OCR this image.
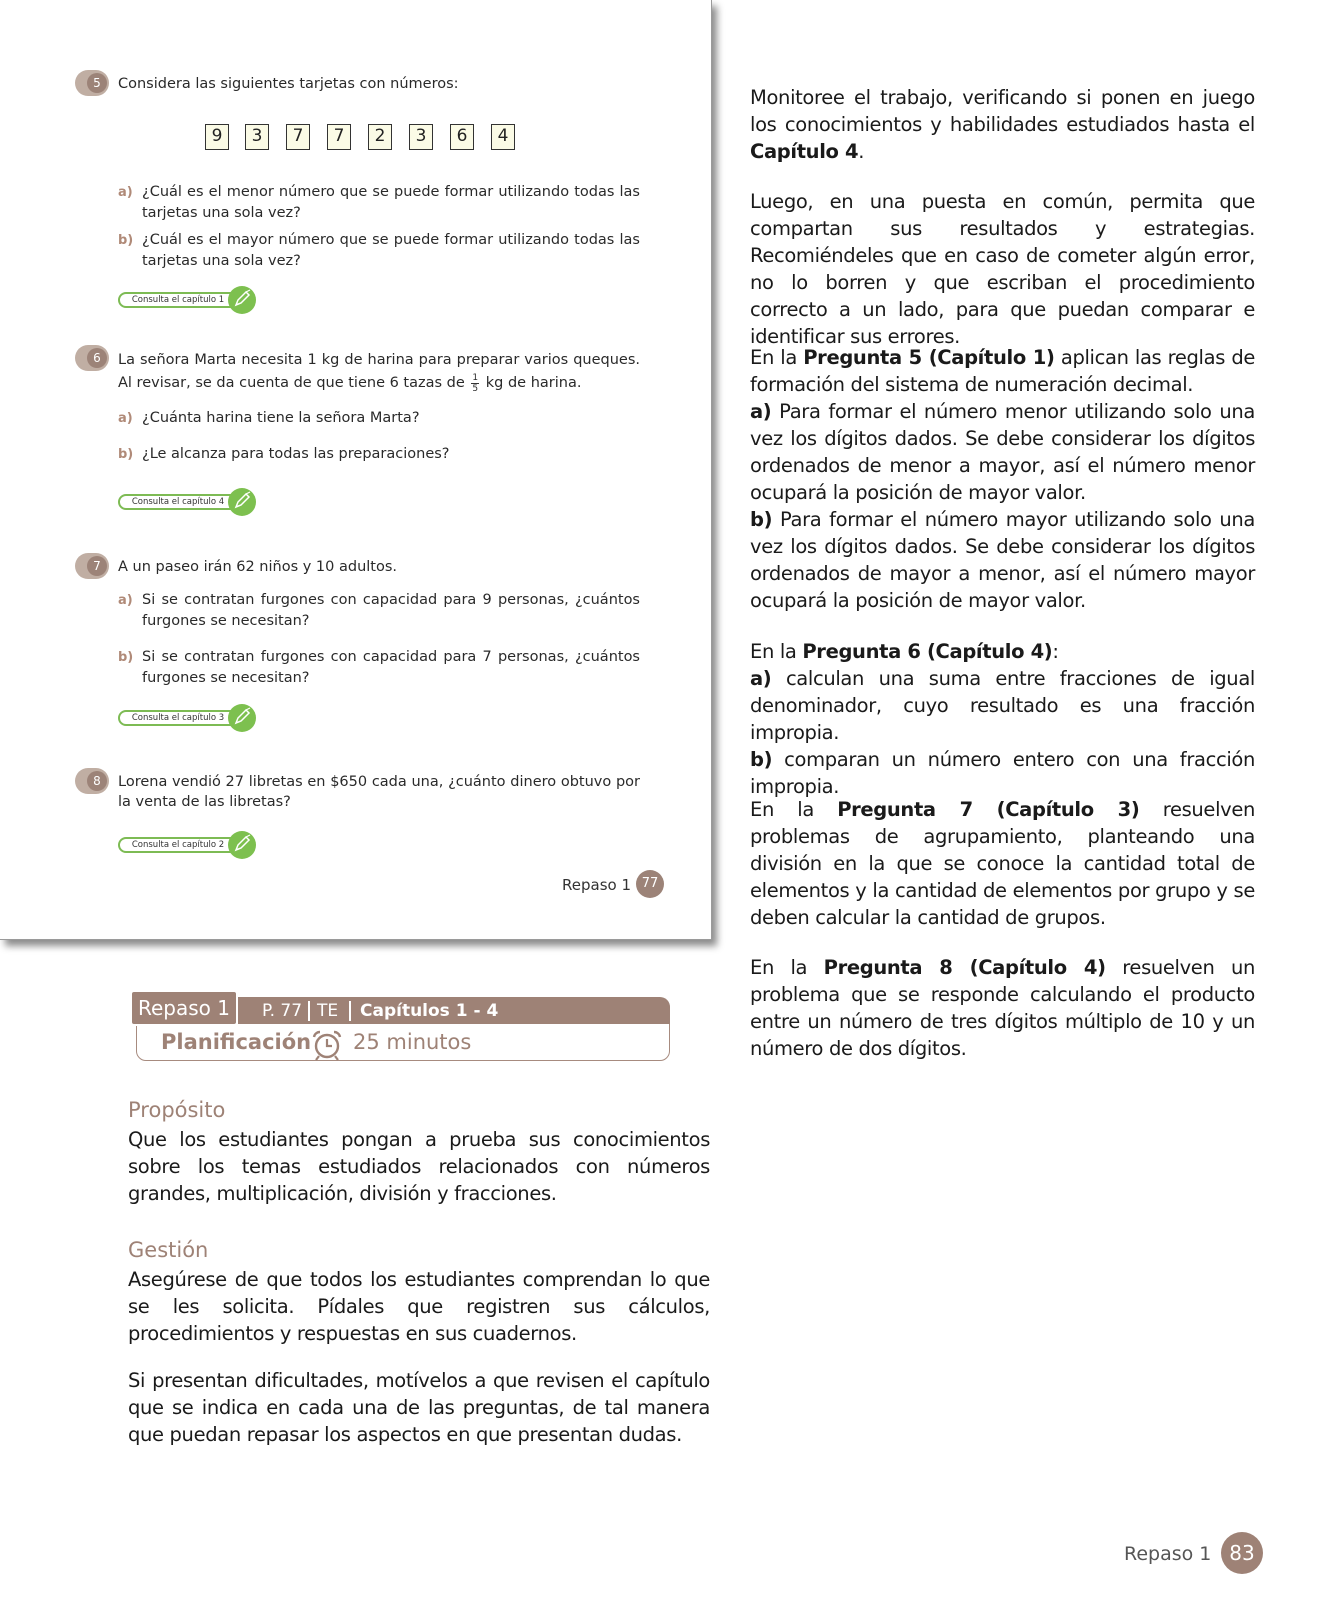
5	Considera las siguientes tarjetas con números:
9	3	7	7	2	3	6	4
a) ¿Cuál es el menor número que se puede formar utilizando todas las tarjetas una sola vez?
b) ¿Cuál es el mayor número que se puede formar utilizando todas las tarjetas una sola vez?
Consulta el capítulo 1
6	La señora Marta necesita 1 kg de harina para preparar varios queques. Al revisar, se da cuenta de que tiene 6 tazas de $\frac{1}{5}$ kg de harina.
a) ¿Cuánta harina tiene la señora Marta?
b) ¿Le alcanza para todas las preparaciones?
Consulta el capítulo 4
7	A un paseo irán 62 niños y 10 adultos.
a) Si se contratan furgones con capacidad para 9 personas, ¿cuántos furgones se necesitan?
b) Si se contratan furgones con capacidad para 7 personas, ¿cuántos furgones se necesitan?
Consulta el capítulo 3
8	Lorena vendió 27 libretas en $650 cada una, ¿cuánto dinero obtuvo por la venta de las libretas?
Consulta el capítulo 2
Repaso 1 77
Repaso 1	P. 77 TE Capítulos 1 - 4
Planificación 25 minutos
Propósito
Que los estudiantes pongan a prueba sus conocimientos sobre los temas estudiados relacionados con números grandes, multiplicación, división y fracciones.
Gestión
Asegúrese de que todos los estudiantes comprendan lo que se les solicita. Pídales que registren sus cálculos, procedimientos y respuestas en sus cuadernos.
Si presentan dificultades, motívelos a que revisen el capítulo que se indica en cada una de las preguntas, de tal manera que puedan repasar los aspectos en que presentan dudas.
Monitoree el trabajo, verificando si ponen en juego los conocimientos y habilidades estudiados hasta el Capítulo 4.
Luego, en una puesta en común, permita que compartan sus resultados y estrategias. Recomiéndeles que en caso de cometer algún error, no lo borren y que escriban el procedimiento correcto a un lado, para que puedan comparar e identificar sus errores.
En la Pregunta 5 (Capítulo 1) aplican las reglas de formación del sistema de numeración decimal.
a) Para formar el número menor utilizando solo una vez los dígitos dados. Se debe considerar los dígitos ordenados de menor a mayor, así el número menor ocupará la posición de mayor valor.
b) Para formar el número mayor utilizando solo una vez los dígitos dados. Se debe considerar los dígitos ordenados de mayor a menor, así el número mayor ocupará la posición de mayor valor.
En la Pregunta 6 (Capítulo 4):
a) calculan una suma entre fracciones de igual denominador, cuyo resultado es una fracción impropia.
b) comparan un número entero con una fracción impropia.
En la Pregunta 7 (Capítulo 3) resuelven problemas de agrupamiento, planteando una división en la que se conoce la cantidad total de elementos y la cantidad de elementos por grupo y se deben calcular la cantidad de grupos.
En la Pregunta 8 (Capítulo 4) resuelven un problema que se responde calculando el producto entre un número de tres dígitos múltiplo de 10 y un número de dos dígitos.
Repaso 1 83
